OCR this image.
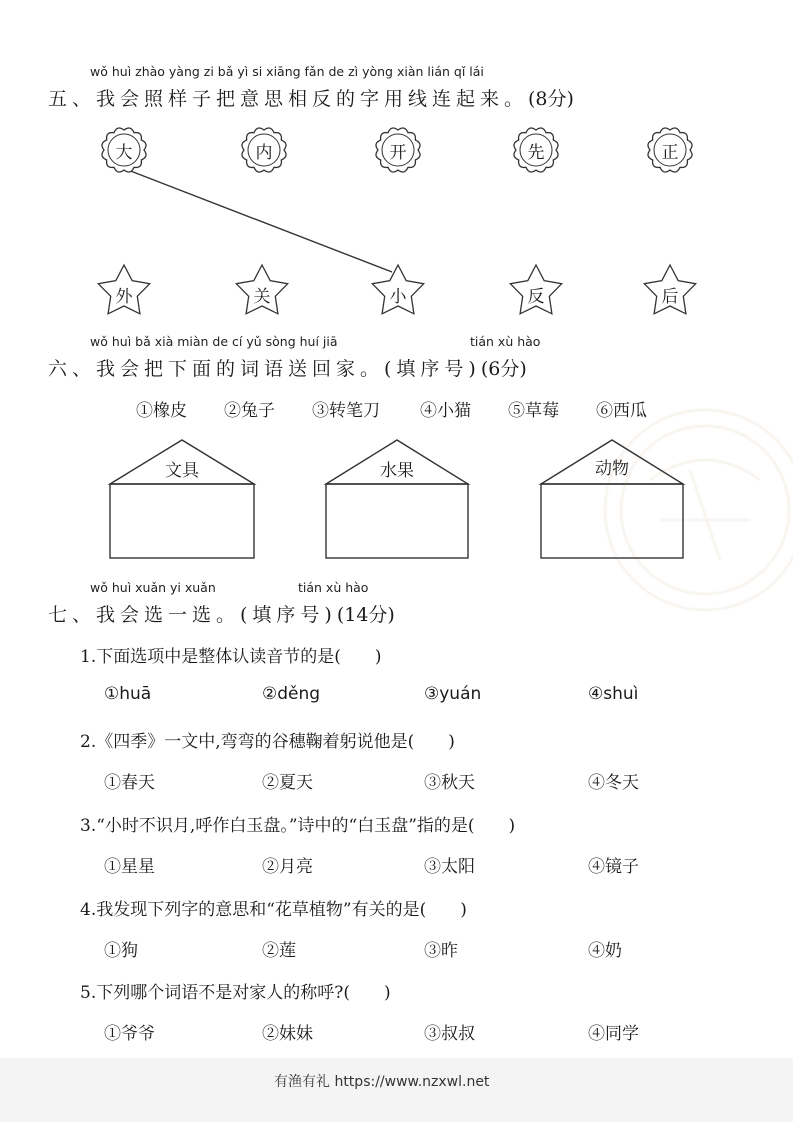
wǒ huì zhào yàng zi bǎ yì si xiāng fǎn de zì yòng xiàn lián qǐ lái
五、我会照样子把意思相反的字用线连起来。(8分)
wǒ huì bǎ xià miàn de cí yǔ sòng huí jiā	tián xù hào
六、我会把下面的词语送回家。(填序号)(6分)
①橡皮 ②兔子 ③转笔刀 ④小猫 ⑤草莓 ⑥西瓜
文具	水果	动物
wǒ huì xuǎn yi xuǎn	tián xù hào
七、我会选一选。(填序号)(14分)
1.下面选项中是整体认读音节的是(　　)
①huā	②děng	③yuán	④shuì
2.《四季》一文中,弯弯的谷穗鞠着躬说他是(　　)
①春天	②夏天	③秋天	④冬天
3.“小时不识月,呼作白玉盘。”诗中的“白玉盘”指的是(　　)
①星星	②月亮	③太阳	④镜子
4.我发现下列字的意思和“花草植物”有关的是(　　)
①狗	②莲	③昨	④奶
5.下列哪个词语不是对家人的称呼?(　　)
①爷爷	②妹妹	③叔叔	④同学
有渔有礼 https://www.nzxwl.net
大	内	开	先	正
外	关	小	反	后
